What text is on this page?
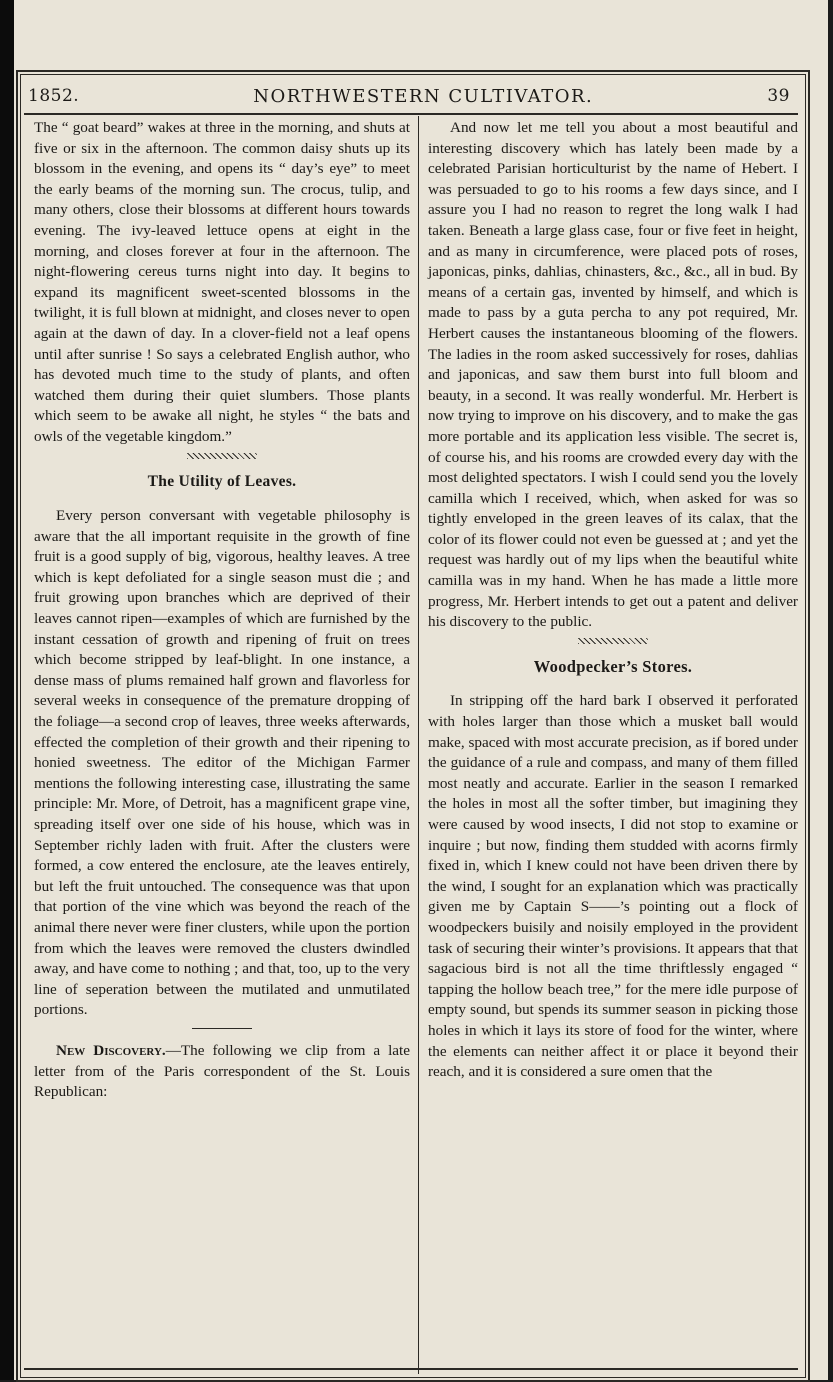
1852.	NORTHWESTERN CULTIVATOR.	39

The “ goat beard” wakes at three in the morning, and shuts at five or six in the afternoon. The common daisy shuts up its blossom in the evening, and opens its “ day’s eye” to meet the early beams of the morning sun. The crocus, tulip, and many others, close their blossoms at different hours towards evening. The ivy-leaved lettuce opens at eight in the morning, and closes forever at four in the afternoon. The night-flowering cereus turns night into day. It begins to expand its magnificent sweet-scented blossoms in the twilight, it is full blown at midnight, and closes never to open again at the dawn of day. In a clover-field not a leaf opens until after sunrise ! So says a celebrated English author, who has devoted much time to the study of plants, and often watched them during their quiet slumbers. Those plants which seem to be awake all night, he styles “ the bats and owls of the vegetable kingdom.”

The Utility of Leaves.

Every person conversant with vegetable philosophy is aware that the all important requisite in the growth of fine fruit is a good supply of big, vigorous, healthy leaves. A tree which is kept defoliated for a single season must die ; and fruit growing upon branches which are deprived of their leaves cannot ripen—examples of which are furnished by the instant cessation of growth and ripening of fruit on trees which become stripped by leaf-blight. In one instance, a dense mass of plums remained half grown and flavorless for several weeks in consequence of the premature dropping of the foliage—a second crop of leaves, three weeks afterwards, effected the completion of their growth and their ripening to honied sweetness. The editor of the Michigan Farmer mentions the following interesting case, illustrating the same principle: Mr. More, of Detroit, has a magnificent grape vine, spreading itself over one side of his house, which was in September richly laden with fruit. After the clusters were formed, a cow entered the enclosure, ate the leaves entirely, but left the fruit untouched. The consequence was that upon that portion of the vine which was beyond the reach of the animal there never were finer clusters, while upon the portion from which the leaves were removed the clusters dwindled away, and have come to nothing ; and that, too, up to the very line of seperation between the mutilated and unmutilated portions.

New Discovery.—The following we clip from a late letter from of the Paris correspondent of the St. Louis Republican:

And now let me tell you about a most beautiful and interesting discovery which has lately been made by a celebrated Parisian horticulturist by the name of Hebert. I was persuaded to go to his rooms a few days since, and I assure you I had no reason to regret the long walk I had taken. Beneath a large glass case, four or five feet in height, and as many in circumference, were placed pots of roses, japonicas, pinks, dahlias, chinasters, &c., &c., all in bud. By means of a certain gas, invented by himself, and which is made to pass by a guta percha to any pot required, Mr. Herbert causes the instantaneous blooming of the flowers. The ladies in the room asked successively for roses, dahlias and japonicas, and saw them burst into full bloom and beauty, in a second. It was really wonderful. Mr. Herbert is now trying to improve on his discovery, and to make the gas more portable and its application less visible. The secret is, of course his, and his rooms are crowded every day with the most delighted spectators. I wish I could send you the lovely camilla which I received, which, when asked for was so tightly enveloped in the green leaves of its calax, that the color of its flower could not even be guessed at ; and yet the request was hardly out of my lips when the beautiful white camilla was in my hand. When he has made a little more progress, Mr. Herbert intends to get out a patent and deliver his discovery to the public.

Woodpecker’s Stores.

In stripping off the hard bark I observed it perforated with holes larger than those which a musket ball would make, spaced with most accurate precision, as if bored under the guidance of a rule and compass, and many of them filled most neatly and accurate. Earlier in the season I remarked the holes in most all the softer timber, but imagining they were caused by wood insects, I did not stop to examine or inquire ; but now, finding them studded with acorns firmly fixed in, which I knew could not have been driven there by the wind, I sought for an explanation which was practically given me by Captain S——’s pointing out a flock of woodpeckers buisily and noisily employed in the provident task of securing their winter’s provisions. It appears that that sagacious bird is not all the time thriftlessly engaged “ tapping the hollow beach tree,” for the mere idle purpose of empty sound, but spends its summer season in picking those holes in which it lays its store of food for the winter, where the elements can neither affect it or place it beyond their reach, and it is considered a sure omen that the
